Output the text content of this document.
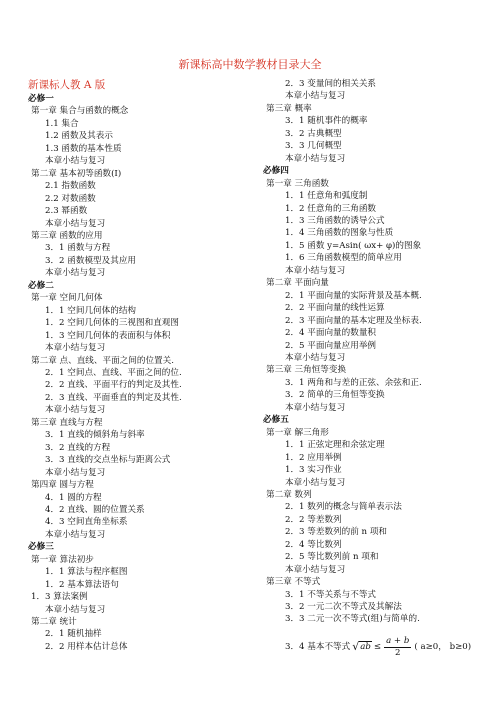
新课标高中数学教材目录大全
新课标人教 A 版
必修一
第一章 集合与函数的概念
1.1 集合
1.2 函数及其表示
1.3 函数的基本性质
本章小结与复习
第二章 基本初等函数(I)
2.1 指数函数
2.2 对数函数
2.3 幂函数
本章小结与复习
第三章 函数的应用
3．1 函数与方程
3．2 函数模型及其应用
本章小结与复习
必修二
第一章 空间几何体
1．1 空间几何体的结构
1．2 空间几何体的三视图和直观图
1．3 空间几何体的表面积与体积
本章小结与复习
第二章 点、直线、平面之间的位置关.
2．1 空间点、直线、平面之间的位.
2．2 直线、平面平行的判定及其性.
2．3 直线、平面垂直的判定及其性.
本章小结与复习
第三章 直线与方程
3．1 直线的倾斜角与斜率
3．2 直线的方程
3．3 直线的交点坐标与距离公式
本章小结与复习
第四章 圆与方程
4．1 圆的方程
4．2 直线、圆的位置关系
4．3 空间直角坐标系
本章小结与复习
必修三
第一章 算法初步
1．1 算法与程序框图
1．2 基本算法语句
1．3 算法案例
本章小结与复习
第二章 统计
2．1 随机抽样
2．2 用样本估计总体
2．3 变量间的相关关系
本章小结与复习
第三章 概率
3．1 随机事件的概率
3．2 古典概型
3．3 几何概型
本章小结与复习
必修四
第一章 三角函数
1．1 任意角和弧度制
1．2 任意角的三角函数
1．3 三角函数的诱导公式
1．4 三角函数的图象与性质
1．5 函数 y=Asin( ωx+ φ)的图象
1．6 三角函数模型的简单应用
本章小结与复习
第二章 平面向量
2．1 平面向量的实际背景及基本概.
2．2 平面向量的线性运算
2．3 平面向量的基本定理及坐标表.
2．4 平面向量的数量积
2．5 平面向量应用举例
本章小结与复习
第三章 三角恒等变换
3．1 两角和与差的正弦、余弦和正.
3．2 简单的三角恒等变换
本章小结与复习
必修五
第一章 解三角形
1．1 正弦定理和余弦定理
1．2 应用举例
1．3 实习作业
本章小结与复习
第二章 数列
2．1 数列的概念与简单表示法
2．2 等差数列
2．3 等差数列的前 n 项和
2．4 等比数列
2．5 等比数列前 n 项和
本章小结与复习
第三章 不等式
3．1 不等关系与不等式
3．2 一元二次不等式及其解法
3．3 二元一次不等式(组)与简单的.
3．4 基本不等式 √ ab ≤ $\frac{a + b}{2}$ ( a≥0， b≥0)
